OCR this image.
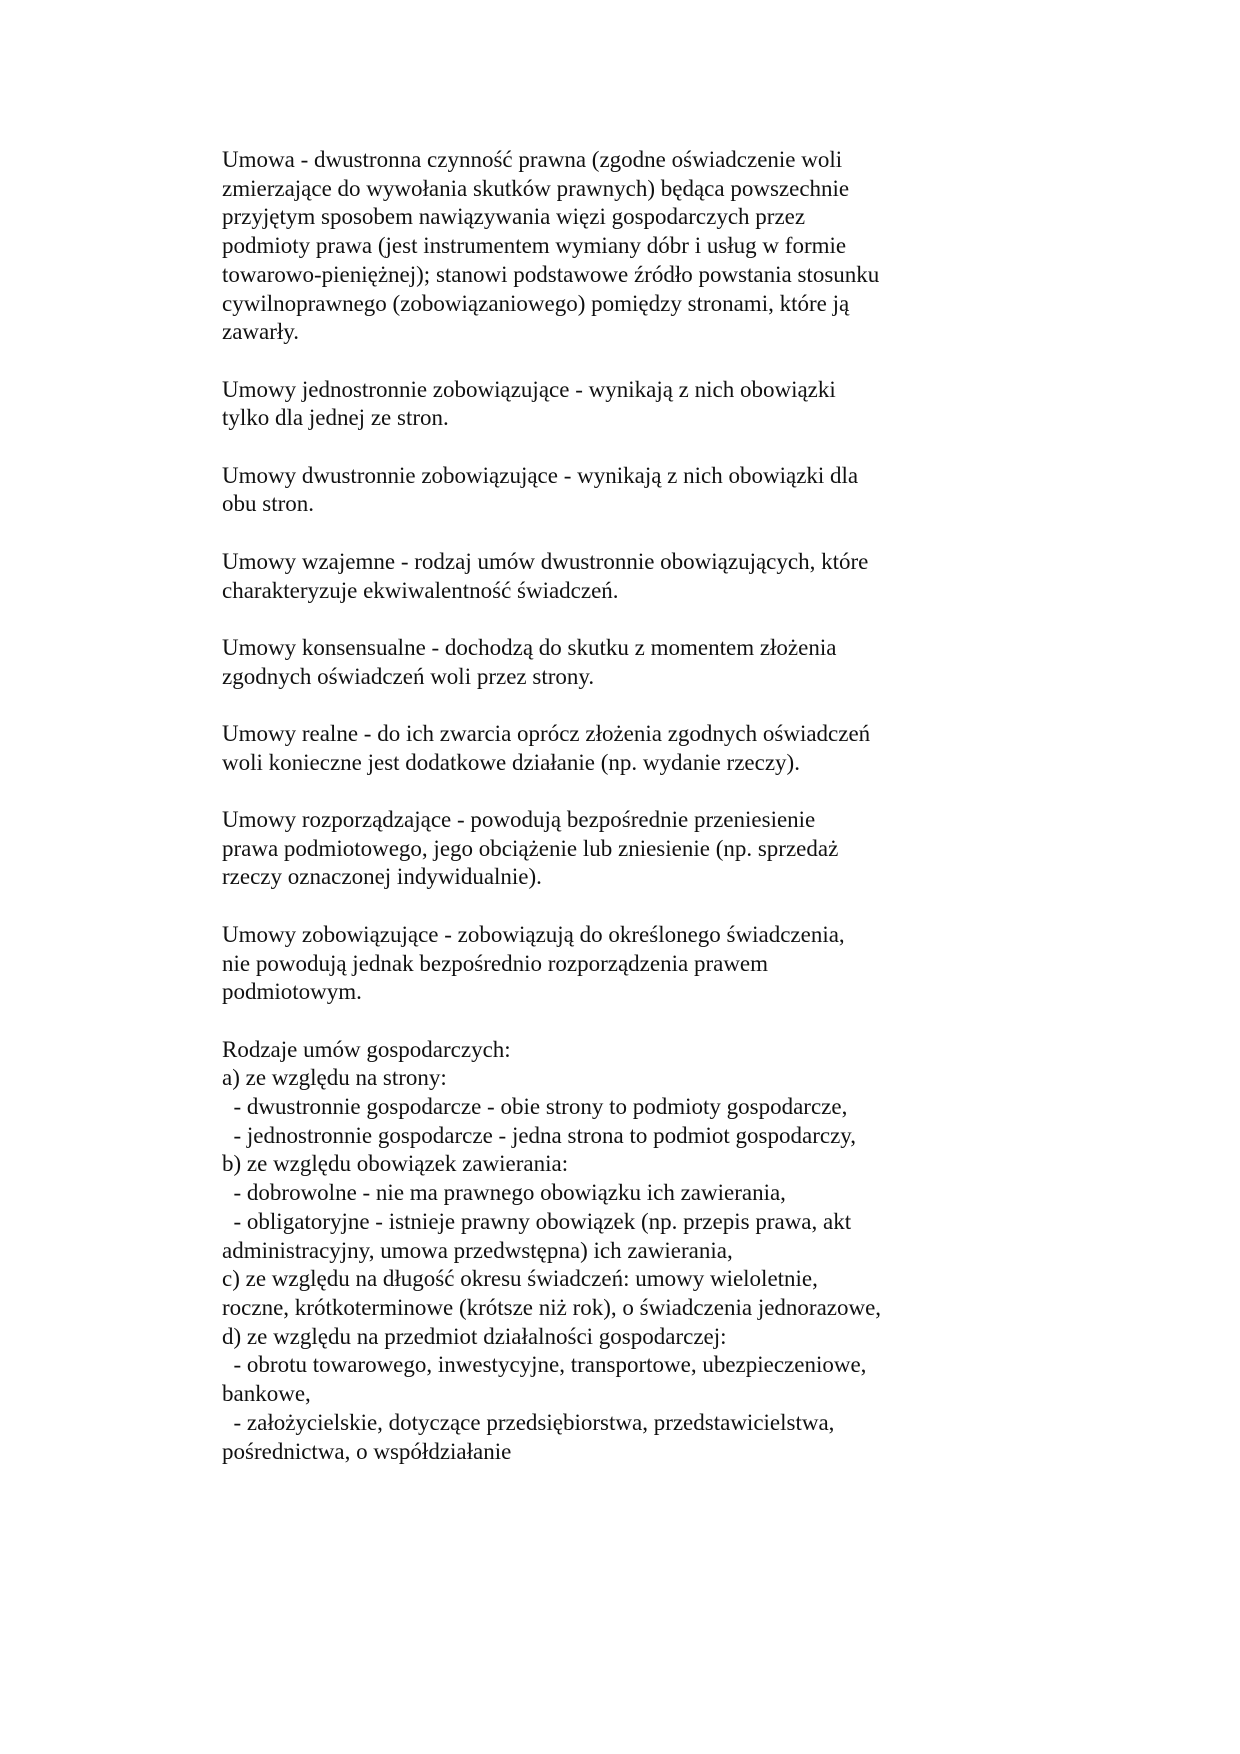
Umowa - dwustronna czynność prawna (zgodne oświadczenie woli
zmierzające do wywołania skutków prawnych) będąca powszechnie
przyjętym sposobem nawiązywania więzi gospodarczych przez
podmioty prawa (jest instrumentem wymiany dóbr i usług w formie
towarowo-pieniężnej); stanowi podstawowe źródło powstania stosunku
cywilnoprawnego (zobowiązaniowego) pomiędzy stronami, które ją
zawarły.
Umowy jednostronnie zobowiązujące - wynikają z nich obowiązki
tylko dla jednej ze stron.
Umowy dwustronnie zobowiązujące - wynikają z nich obowiązki dla
obu stron.
Umowy wzajemne - rodzaj umów dwustronnie obowiązujących, które
charakteryzuje ekwiwalentność świadczeń.
Umowy konsensualne - dochodzą do skutku z momentem złożenia
zgodnych oświadczeń woli przez strony.
Umowy realne - do ich zwarcia oprócz złożenia zgodnych oświadczeń
woli konieczne jest dodatkowe działanie (np. wydanie rzeczy).
Umowy rozporządzające - powodują bezpośrednie przeniesienie
prawa podmiotowego, jego obciążenie lub zniesienie (np. sprzedaż
rzeczy oznaczonej indywidualnie).
Umowy zobowiązujące - zobowiązują do określonego świadczenia,
nie powodują jednak bezpośrednio rozporządzenia prawem
podmiotowym.
Rodzaje umów gospodarczych:
a) ze względu na strony:
- dwustronnie gospodarcze - obie strony to podmioty gospodarcze,
- jednostronnie gospodarcze - jedna strona to podmiot gospodarczy,
b) ze względu obowiązek zawierania:
- dobrowolne - nie ma prawnego obowiązku ich zawierania,
- obligatoryjne - istnieje prawny obowiązek (np. przepis prawa, akt
administracyjny, umowa przedwstępna) ich zawierania,
c) ze względu na długość okresu świadczeń: umowy wieloletnie,
roczne, krótkoterminowe (krótsze niż rok), o świadczenia jednorazowe,
d) ze względu na przedmiot działalności gospodarczej:
- obrotu towarowego, inwestycyjne, transportowe, ubezpieczeniowe,
bankowe,
- założycielskie, dotyczące przedsiębiorstwa, przedstawicielstwa,
pośrednictwa, o współdziałanie
